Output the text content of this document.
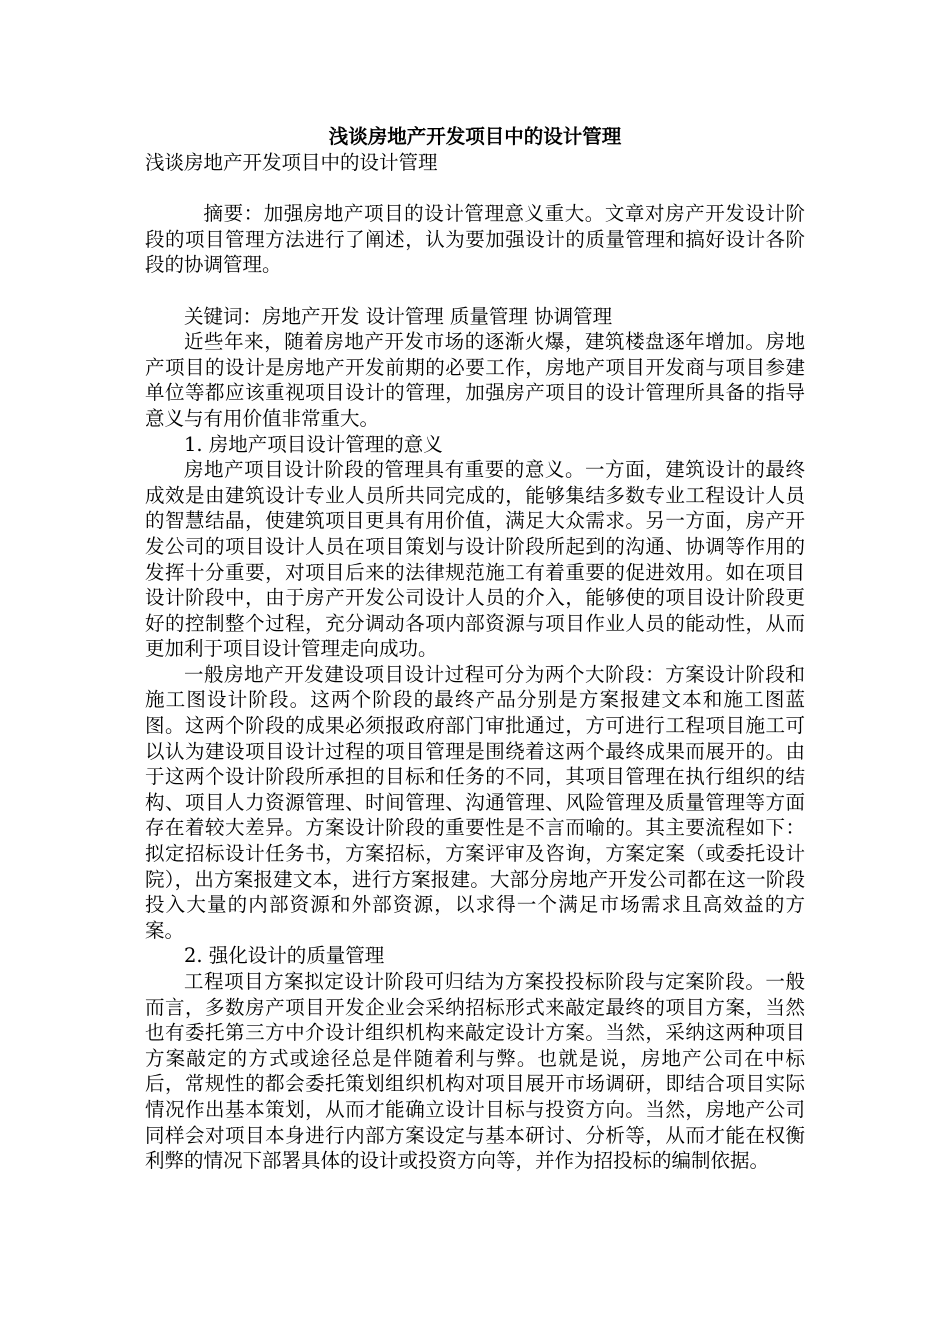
浅谈房地产开发项目中的设计管理

浅谈房地产开发项目中的设计管理

摘要：加强房地产项目的设计管理意义重大。文章对房产开发设计阶段的项目管理方法进行了阐述，认为要加强设计的质量管理和搞好设计各阶段的协调管理。

关键词：房地产开发 设计管理 质量管理 协调管理

近些年来，随着房地产开发市场的逐渐火爆，建筑楼盘逐年增加。房地产项目的设计是房地产开发前期的必要工作，房地产项目开发商与项目参建单位等都应该重视项目设计的管理，加强房产项目的设计管理所具备的指导意义与有用价值非常重大。

1. 房地产项目设计管理的意义

房地产项目设计阶段的管理具有重要的意义。一方面，建筑设计的最终成效是由建筑设计专业人员所共同完成的，能够集结多数专业工程设计人员的智慧结晶，使建筑项目更具有用价值，满足大众需求。另一方面，房产开发公司的项目设计人员在项目策划与设计阶段所起到的沟通、协调等作用的发挥十分重要，对项目后来的法律规范施工有着重要的促进效用。如在项目设计阶段中，由于房产开发公司设计人员的介入，能够使的项目设计阶段更好的控制整个过程，充分调动各项内部资源与项目作业人员的能动性，从而更加利于项目设计管理走向成功。

一般房地产开发建设项目设计过程可分为两个大阶段：方案设计阶段和施工图设计阶段。这两个阶段的最终产品分别是方案报建文本和施工图蓝图。这两个阶段的成果必须报政府部门审批通过，方可进行工程项目施工可以认为建设项目设计过程的项目管理是围绕着这两个最终成果而展开的。由于这两个设计阶段所承担的目标和任务的不同，其项目管理在执行组织的结构、项目人力资源管理、时间管理、沟通管理、风险管理及质量管理等方面存在着较大差异。方案设计阶段的重要性是不言而喻的。其主要流程如下：拟定招标设计任务书，方案招标，方案评审及咨询，方案定案（或委托设计院），出方案报建文本，进行方案报建。大部分房地产开发公司都在这一阶段投入大量的内部资源和外部资源，以求得一个满足市场需求且高效益的方案。

2. 强化设计的质量管理

工程项目方案拟定设计阶段可归结为方案投投标阶段与定案阶段。一般而言，多数房产项目开发企业会采纳招标形式来敲定最终的项目方案，当然也有委托第三方中介设计组织机构来敲定设计方案。当然，采纳这两种项目方案敲定的方式或途径总是伴随着利与弊。也就是说，房地产公司在中标后，常规性的都会委托策划组织机构对项目展开市场调研，即结合项目实际情况作出基本策划，从而才能确立设计目标与投资方向。当然，房地产公司同样会对项目本身进行内部方案设定与基本研讨、分析等，从而才能在权衡利弊的情况下部署具体的设计或投资方向等，并作为招投标的编制依据。
